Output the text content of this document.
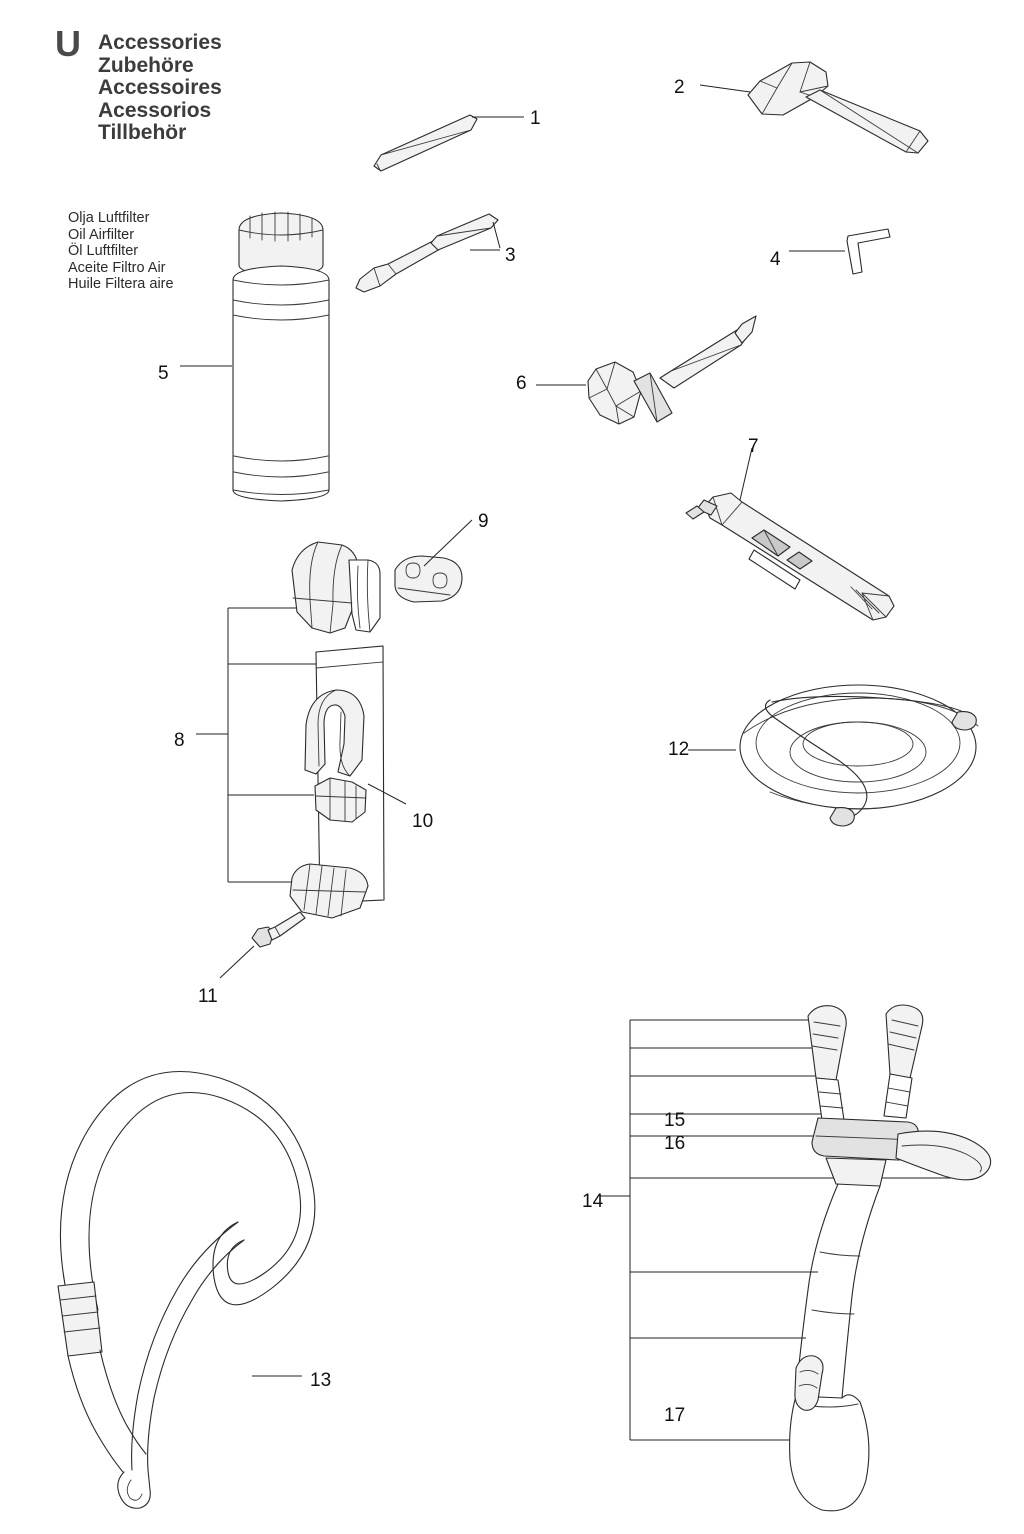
U Accessories
Zubehöre
Accessoires
Acessorios
Tillbehör
Olja Luftfilter
Oil Airfilter
Öl Luftfilter
Aceite Filtro Air
Huile Filtera aire
1
2
3	4
5	6
7
8
9
10
11
12
13
14
15
16
17
